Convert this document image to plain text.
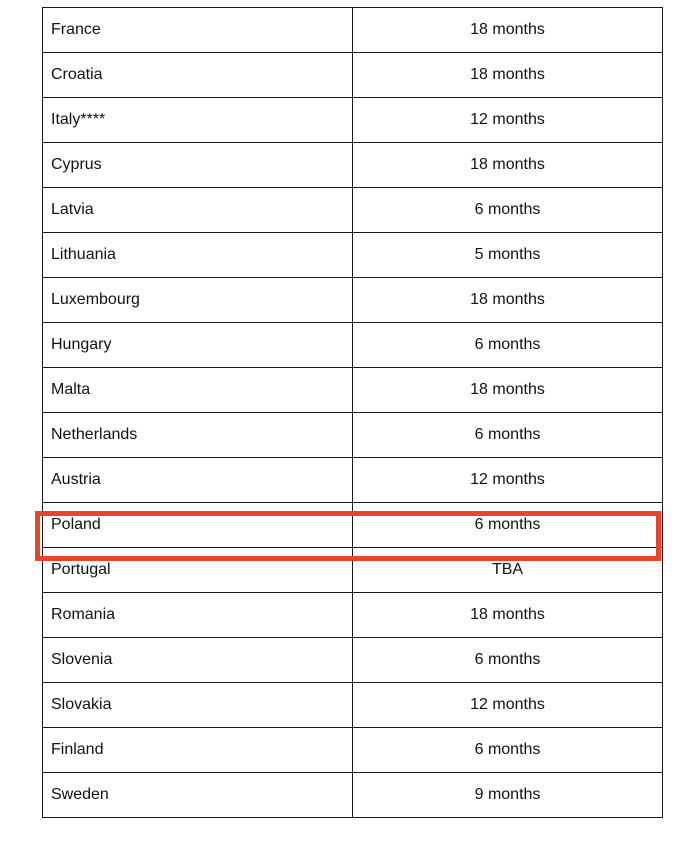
France	18 months
Croatia	18 months
Italy****	12 months
Cyprus	18 months
Latvia	6 months
Lithuania	5 months
Luxembourg	18 months
Hungary	6 months
Malta	18 months
Netherlands	6 months
Austria	12 months
Poland	6 months
Portugal	TBA
Romania	18 months
Slovenia	6 months
Slovakia	12 months
Finland	6 months
Sweden	9 months
